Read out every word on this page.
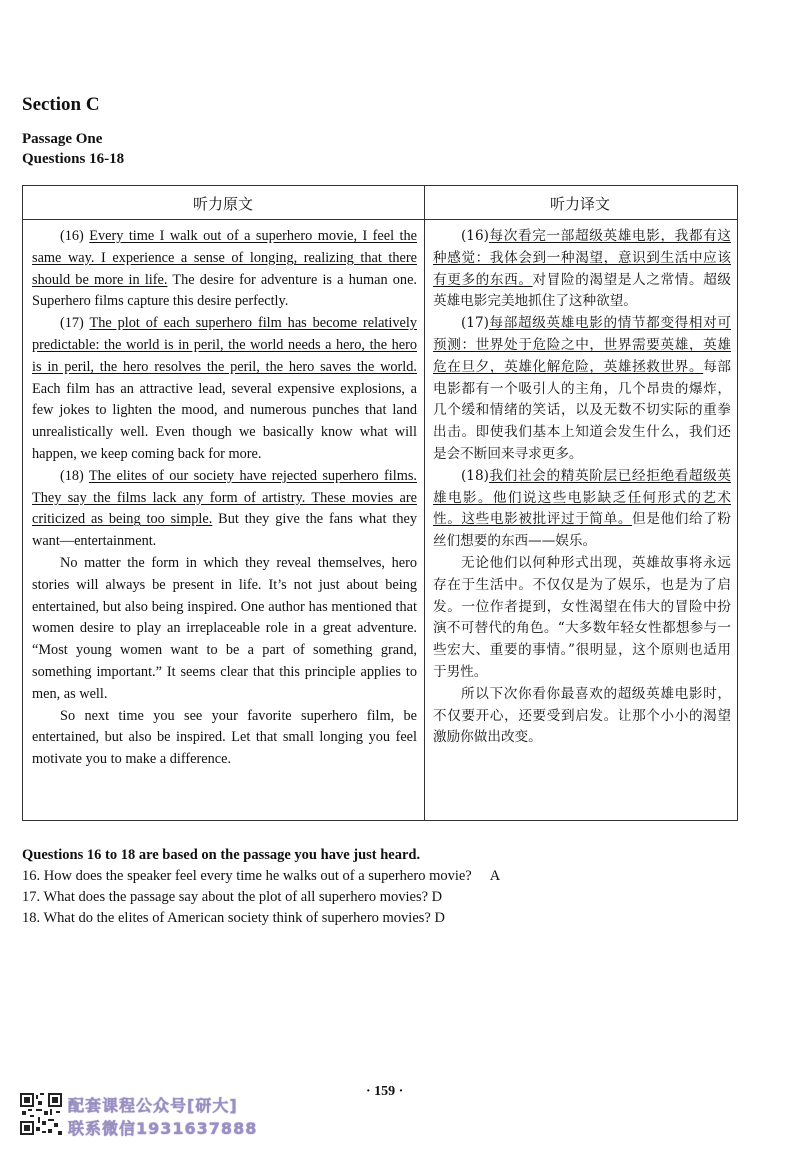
Section C
Passage One
Questions 16-18
听力原文	听力译文
(16) Every time I walk out of a superhero movie, I feel the same way. I experience a sense of longing, realizing that there should be more in life. The desire for adventure is a human one. Superhero films capture this desire perfectly.
(17) The plot of each superhero film has become relatively predictable: the world is in peril, the world needs a hero, the hero is in peril, the hero resolves the peril, the hero saves the world. Each film has an attractive lead, several expensive explosions, a few jokes to lighten the mood, and numerous punches that land unrealistically well. Even though we basically know what will happen, we keep coming back for more.
(18) The elites of our society have rejected superhero films. They say the films lack any form of artistry. These movies are criticized as being too simple. But they give the fans what they want—entertainment.
No matter the form in which they reveal themselves, hero stories will always be present in life. It’s not just about being entertained, but also being inspired. One author has mentioned that women desire to play an irreplaceable role in a great adventure. “Most young women want to be a part of something grand, something important.” It seems clear that this principle applies to men, as well.
So next time you see your favorite superhero film, be entertained, but also be inspired. Let that small longing you feel motivate you to make a difference.
(16)每次看完一部超级英雄电影，我都有这种感觉：我体会到一种渴望，意识到生活中应该有更多的东西。对冒险的渴望是人之常情。超级英雄电影完美地抓住了这种欲望。
(17)每部超级英雄电影的情节都变得相对可预测：世界处于危险之中，世界需要英雄，英雄危在旦夕，英雄化解危险，英雄拯救世界。每部电影都有一个吸引人的主角，几个昂贵的爆炸，几个缓和情绪的笑话，以及无数不切实际的重拳出击。即使我们基本上知道会发生什么，我们还是会不断回来寻求更多。
(18)我们社会的精英阶层已经拒绝看超级英雄电影。他们说这些电影缺乏任何形式的艺术性。这些电影被批评过于简单。但是他们给了粉丝们想要的东西——娱乐。
无论他们以何种形式出现，英雄故事将永远存在于生活中。不仅仅是为了娱乐，也是为了启发。一位作者提到，女性渴望在伟大的冒险中扮演不可替代的角色。“大多数年轻女性都想参与一些宏大、重要的事情。”很明显，这个原则也适用于男性。
所以下次你看你最喜欢的超级英雄电影时，不仅要开心，还要受到启发。让那个小小的渴望激励你做出改变。
Questions 16 to 18 are based on the passage you have just heard.
16. How does the speaker feel every time he walks out of a superhero movie? A
17. What does the passage say about the plot of all superhero movies? D
18. What do the elites of American society think of superhero movies? D
· 159 ·
配套课程公众号[研大]
联系微信1931637888
